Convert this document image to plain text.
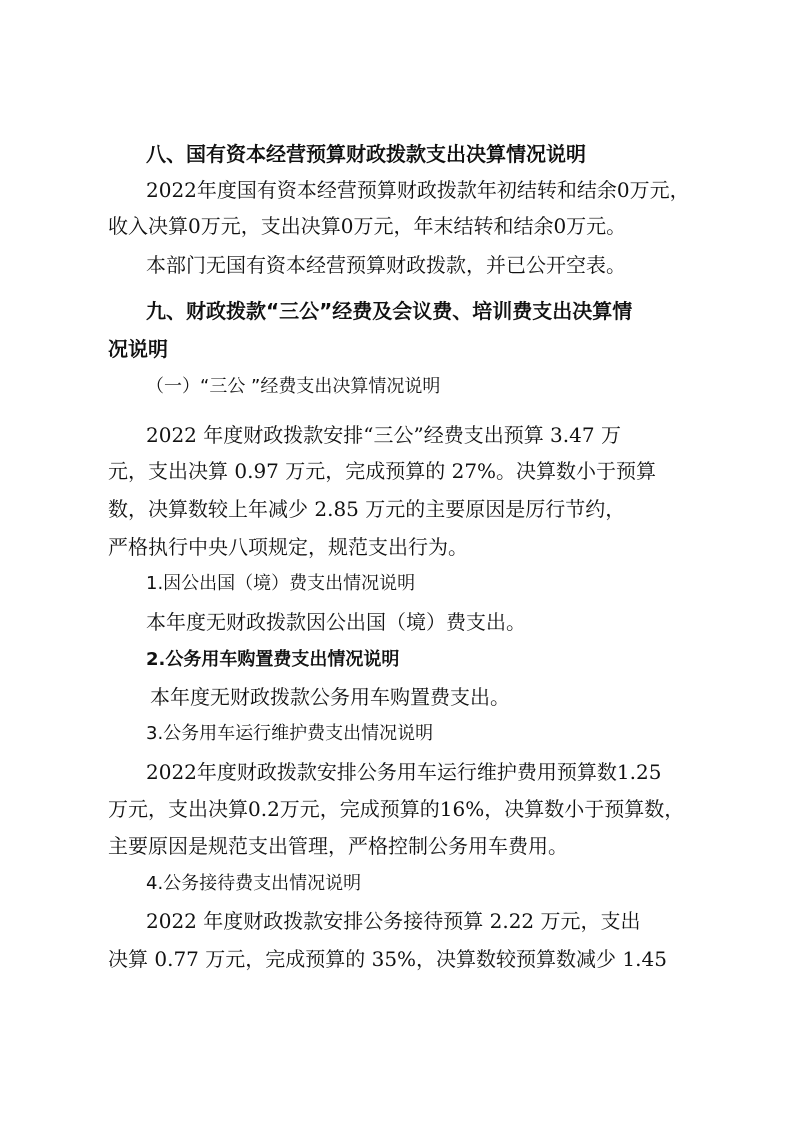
八、国有资本经营预算财政拨款支出决算情况说明
2022年度国有资本经营预算财政拨款年初结转和结余0万元，
收入决算0万元，支出决算0万元，年末结转和结余0万元。
本部门无国有资本经营预算财政拨款，并已公开空表。
九、财政拨款“三公”经费及会议费、培训费支出决算情
况说明
（一）“三公 ”经费支出决算情况说明
2022 年度财政拨款安排“三公”经费支出预算 3.47 万
元，支出决算 0.97 万元，完成预算的 27%。决算数小于预算
数，决算数较上年减少 2.85 万元的主要原因是厉行节约，
严格执行中央八项规定，规范支出行为。
1.因公出国（境）费支出情况说明
本年度无财政拨款因公出国（境）费支出。
2.公务用车购置费支出情况说明
本年度无财政拨款公务用车购置费支出。
3.公务用车运行维护费支出情况说明
2022年度财政拨款安排公务用车运行维护费用预算数1.25
万元，支出决算0.2万元，完成预算的16%，决算数小于预算数，
主要原因是规范支出管理，严格控制公务用车费用。
4.公务接待费支出情况说明
2022 年度财政拨款安排公务接待预算 2.22 万元，支出
决算 0.77 万元，完成预算的 35%，决算数较预算数减少 1.45
